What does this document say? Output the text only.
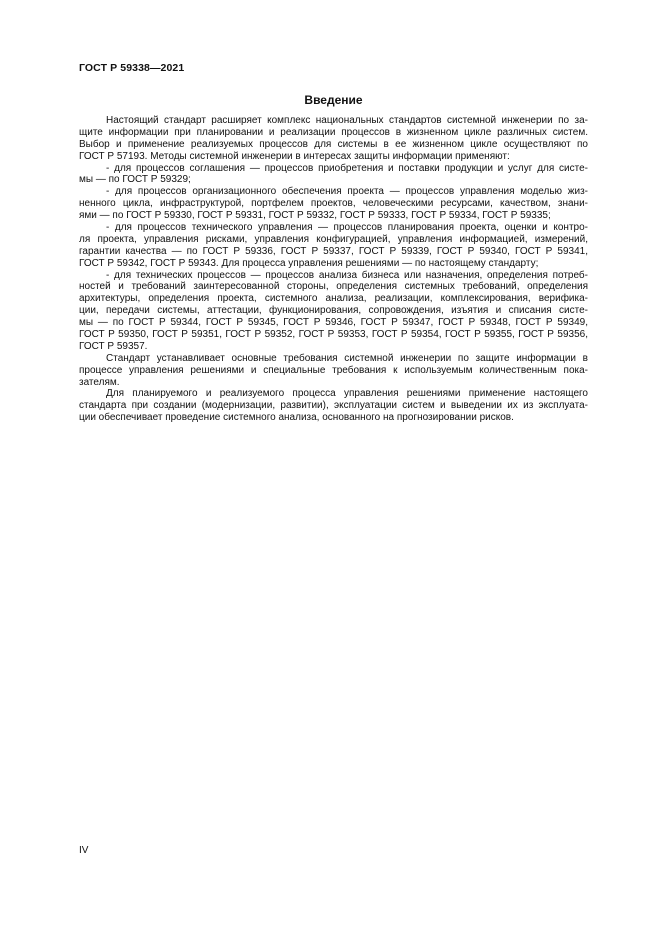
ГОСТ Р 59338—2021
Введение
Настоящий стандарт расширяет комплекс национальных стандартов системной инженерии по за-
щите информации при планировании и реализации процессов в жизненном цикле различных систем.
Выбор и применение реализуемых процессов для системы в ее жизненном цикле осуществляют по
ГОСТ Р 57193. Методы системной инженерии в интересах защиты информации применяют:
- для процессов соглашения — процессов приобретения и поставки продукции и услуг для систе-
мы — по ГОСТ Р 59329;
- для процессов организационного обеспечения проекта — процессов управления моделью жиз-
ненного цикла, инфраструктурой, портфелем проектов, человеческими ресурсами, качеством, знани-
ями — по ГОСТ Р 59330, ГОСТ Р 59331, ГОСТ Р 59332, ГОСТ Р 59333, ГОСТ Р 59334, ГОСТ Р 59335;
- для процессов технического управления — процессов планирования проекта, оценки и контро-
ля проекта, управления рисками, управления конфигурацией, управления информацией, измерений,
гарантии качества — по ГОСТ Р 59336, ГОСТ Р 59337, ГОСТ Р 59339, ГОСТ Р 59340, ГОСТ Р 59341,
ГОСТ Р 59342, ГОСТ Р 59343. Для процесса управления решениями — по настоящему стандарту;
- для технических процессов — процессов анализа бизнеса или назначения, определения потреб-
ностей и требований заинтересованной стороны, определения системных требований, определения
архитектуры, определения проекта, системного анализа, реализации, комплексирования, верифика-
ции, передачи системы, аттестации, функционирования, сопровождения, изъятия и списания систе-
мы — по ГОСТ Р 59344, ГОСТ Р 59345, ГОСТ Р 59346, ГОСТ Р 59347, ГОСТ Р 59348, ГОСТ Р 59349,
ГОСТ Р 59350, ГОСТ Р 59351, ГОСТ Р 59352, ГОСТ Р 59353, ГОСТ Р 59354, ГОСТ Р 59355, ГОСТ Р 59356,
ГОСТ Р 59357.
Стандарт устанавливает основные требования системной инженерии по защите информации в
процессе управления решениями и специальные требования к используемым количественным пока-
зателям.
Для планируемого и реализуемого процесса управления решениями применение настоящего
стандарта при создании (модернизации, развитии), эксплуатации систем и выведении их из эксплуата-
ции обеспечивает проведение системного анализа, основанного на прогнозировании рисков.
IV
